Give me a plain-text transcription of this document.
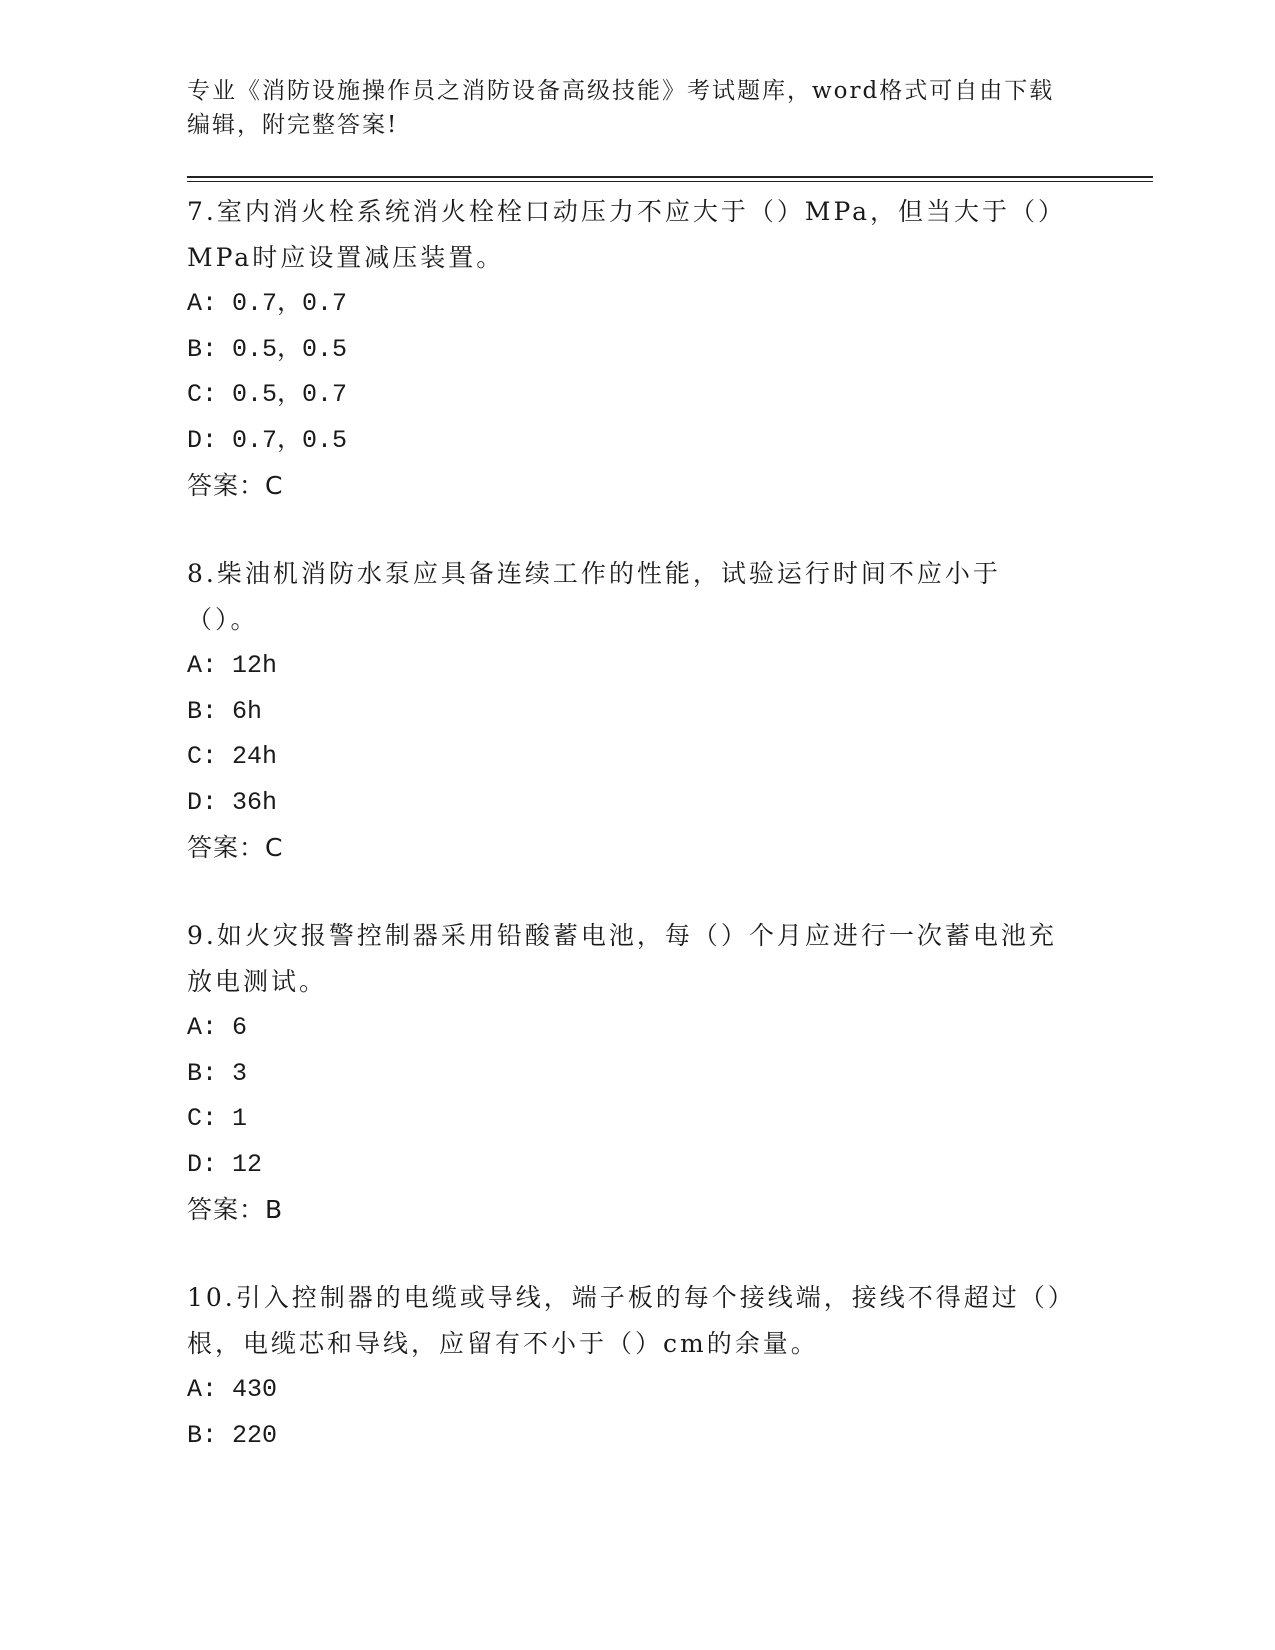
专业《消防设施操作员之消防设备高级技能》考试题库，word格式可自由下载编辑，附完整答案!

7.室内消火栓系统消火栓栓口动压力不应大于（）MPa，但当大于（）MPa时应设置减压装置。

A: 0.7，0.7

B: 0.5，0.5

C: 0.5，0.7

D: 0.7，0.5

答案：C

8.柴油机消防水泵应具备连续工作的性能，试验运行时间不应小于（）。

A: 12h

B: 6h

C: 24h

D: 36h

答案：C

9.如火灾报警控制器采用铅酸蓄电池，每（）个月应进行一次蓄电池充放电测试。

A: 6

B: 3

C: 1

D: 12

答案：B

10.引入控制器的电缆或导线，端子板的每个接线端，接线不得超过（）根，电缆芯和导线，应留有不小于（）cm的余量。

A: 430

B: 220
